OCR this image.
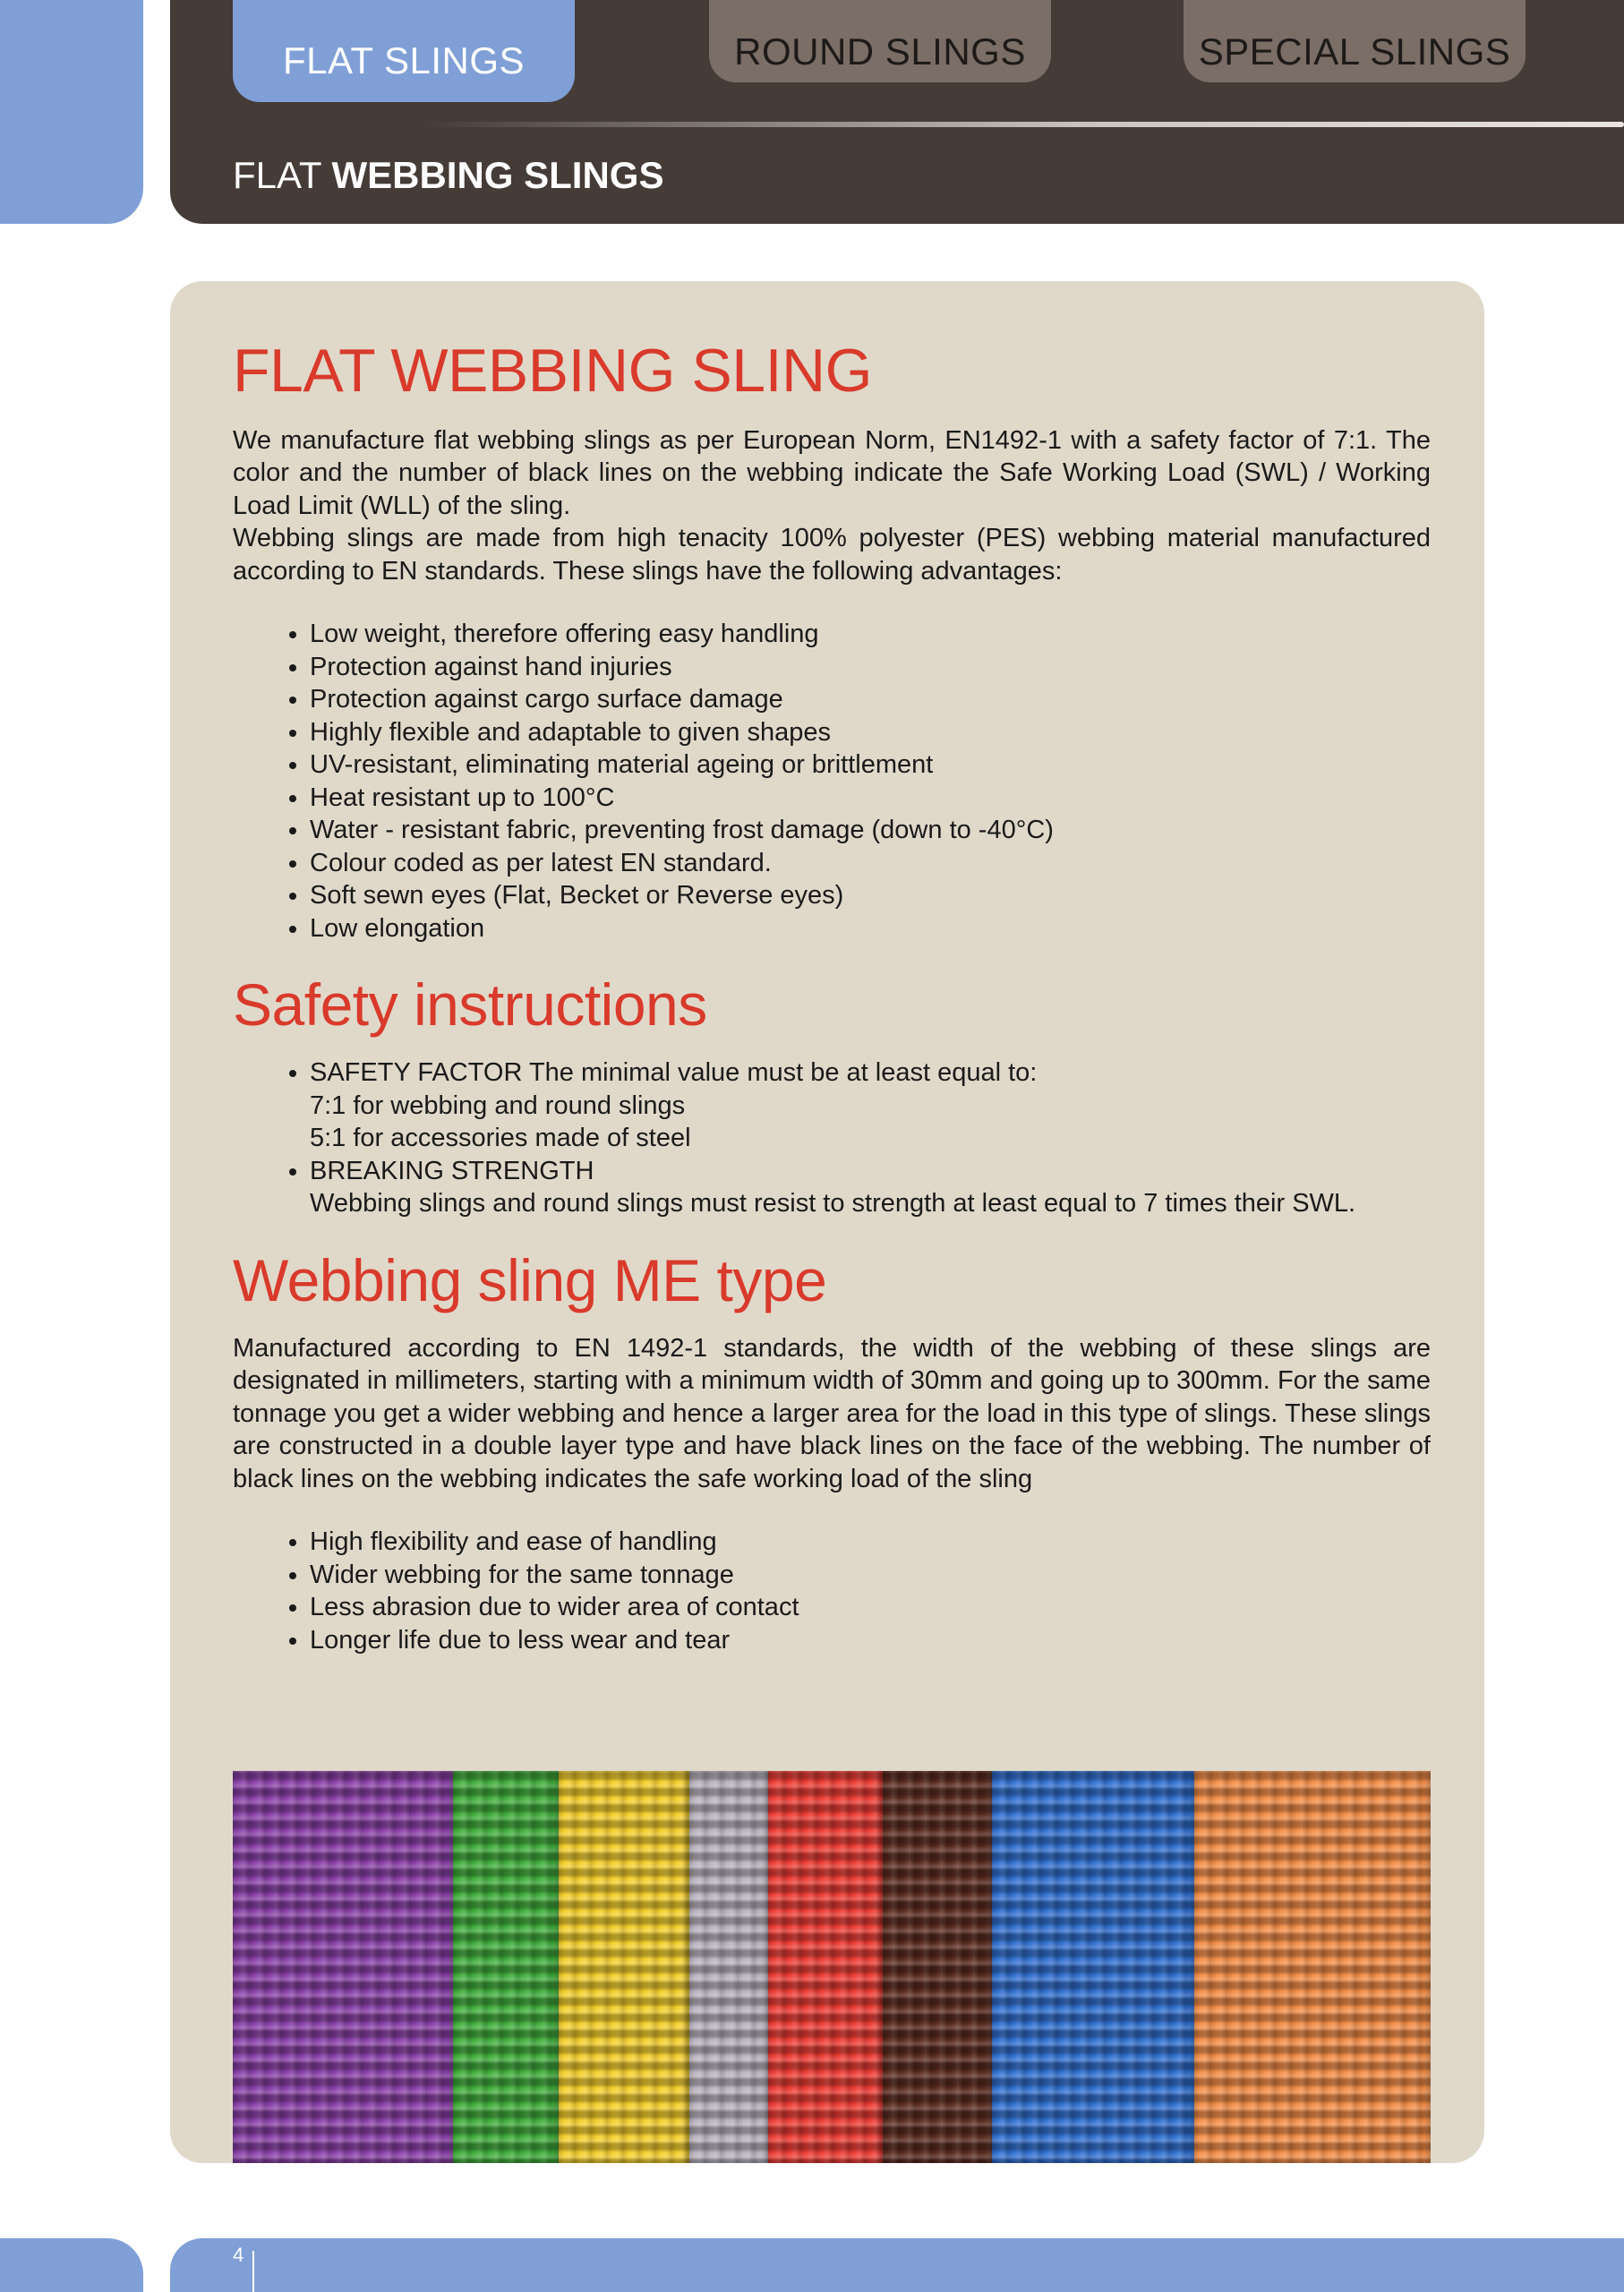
FLAT SLINGS	ROUND SLINGS	SPECIAL SLINGS
FLAT WEBBING SLINGS
FLAT WEBBING SLING

We manufacture flat webbing slings as per European Norm, EN1492-1 with a safety factor of 7:1. The color and the number of black lines on the webbing indicate the Safe Working Load (SWL) / Working Load Limit (WLL) of the sling.

Webbing slings are made from high tenacity 100% polyester (PES) webbing material manufactured according to EN standards. These slings have the following advantages:

• Low weight, therefore offering easy handling
• Protection against hand injuries
• Protection against cargo surface damage
• Highly flexible and adaptable to given shapes
• UV-resistant, eliminating material ageing or brittlement
• Heat resistant up to 100°C
• Water - resistant fabric, preventing frost damage (down to -40°C)
• Colour coded as per latest EN standard.
• Soft sewn eyes (Flat, Becket or Reverse eyes)
• Low elongation
Safety instructions
• SAFETY FACTOR The minimal value must be at least equal to:
7:1 for webbing and round slings
5:1 for accessories made of steel
• BREAKING STRENGTH
Webbing slings and round slings must resist to strength at least equal to 7 times their SWL.
Webbing sling ME type

Manufactured according to EN 1492-1 standards, the width of the webbing of these slings are designated in millimeters, starting with a minimum width of 30mm and going up to 300mm. For the same tonnage you get a wider webbing and hence a larger area for the load in this type of slings. These slings are constructed in a double layer type and have black lines on the face of the webbing. The number of black lines on the webbing indicates the safe working load of the sling

• High flexibility and ease of handling
• Wider webbing for the same tonnage
• Less abrasion due to wider area of contact
• Longer life due to less wear and tear
4
